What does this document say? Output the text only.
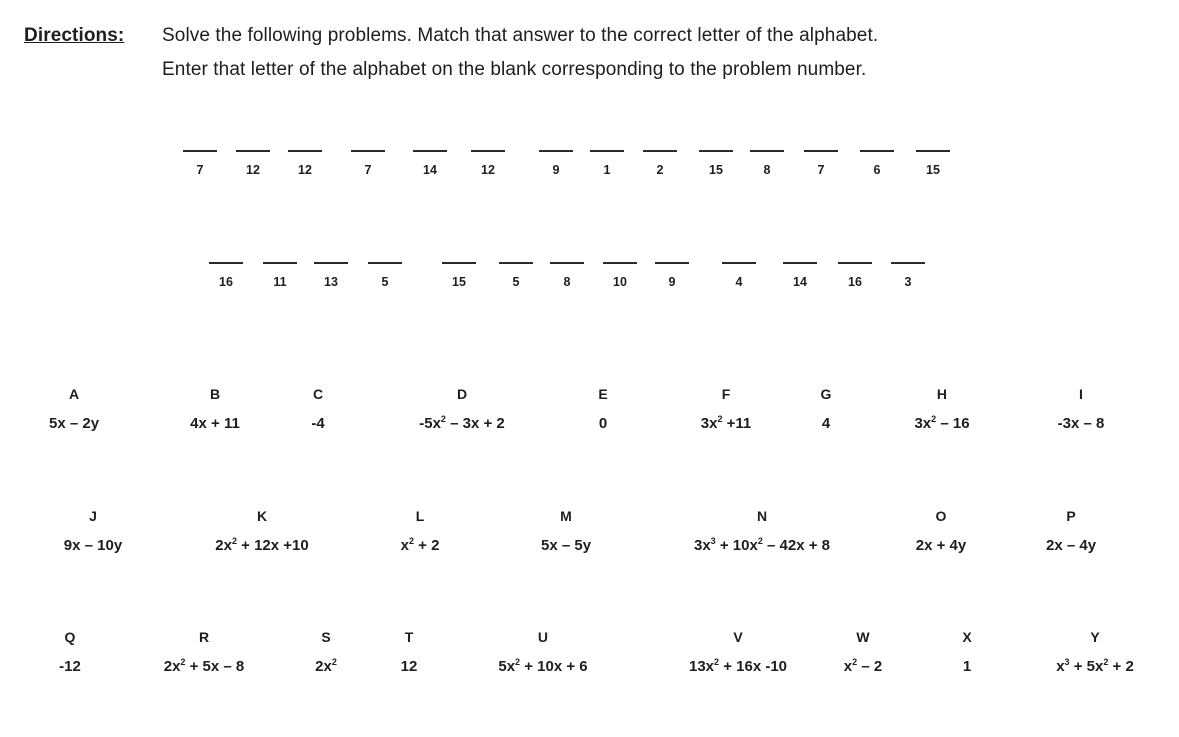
Directions: Solve the following problems. Match that answer to the correct letter of the alphabet.
Enter that letter of the alphabet on the blank corresponding to the problem number.
7	12	12	7	14	12	9	1	2	15	8	7	6	15
16	11	13	5	15	5	8	10	9	4	14	16	3
A
5x – 2y
B
4x + 11
C
-4
D
$-5x^2 - 3x + 2$
E
0
F
$3x^2 +11$
G
4
H
$3x^2 - 16$
I
-3x – 8
J
9x – 10y
K
$2x^2 + 12x +10$
L
$x^2 + 2$
M
5x – 5y
N
$3x^3 + 10x^2 - 42x + 8$
O
2x + 4y
P
2x – 4y
Q
-12
R
$2x^2 + 5x - 8$
S
$2x^2$
T
12
U
$5x^2 + 10x + 6$
V
$13x^2 + 16x$ -10
W
$x^2 - 2$
X
1
Y
$x^3 + 5x^2 + 2$
